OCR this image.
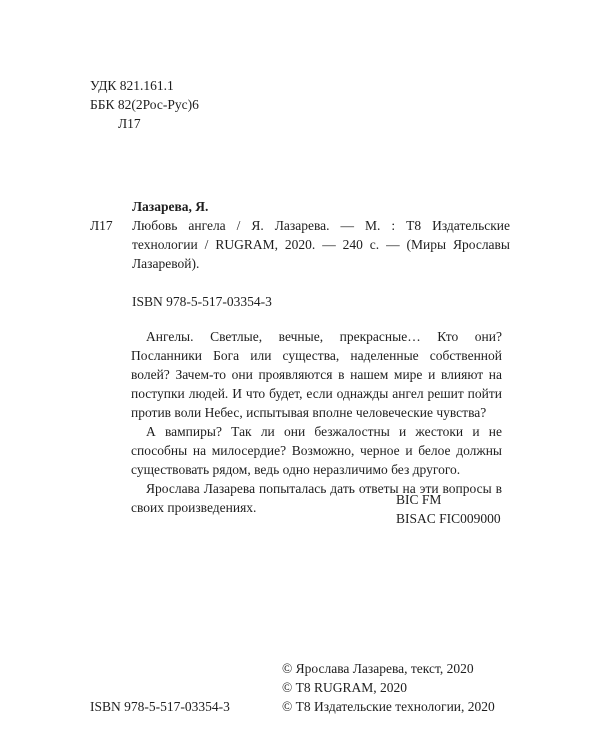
УДК 821.161.1
ББК 82(2Рос-Рус)6
Л17
Лазарева, Я.
Л17	Любовь ангела / Я. Лазарева. — М. : Т8 Издательские технологии / RUGRAM, 2020. — 240 с. — (Миры Ярославы Лазаревой).
ISBN 978-5-517-03354-3

Ангелы. Светлые, вечные, прекрасные… Кто они? Посланники Бога или существа, наделенные собственной волей? Зачем-то они проявляются в нашем мире и влияют на поступки людей. И что будет, если однажды ангел решит пойти против воли Небес, испытывая вполне человеческие чувства?

А вампиры? Так ли они безжалостны и жестоки и не способны на милосердие? Возможно, черное и белое должны существовать рядом, ведь одно неразличимо без другого.

Ярослава Лазарева попыталась дать ответы на эти вопросы в своих произведениях.

BIC FM
BISAC FIC009000
ISBN 978-5-517-03354-3
© Ярослава Лазарева, текст, 2020
© Т8 RUGRAM, 2020
© Т8 Издательские технологии, 2020
